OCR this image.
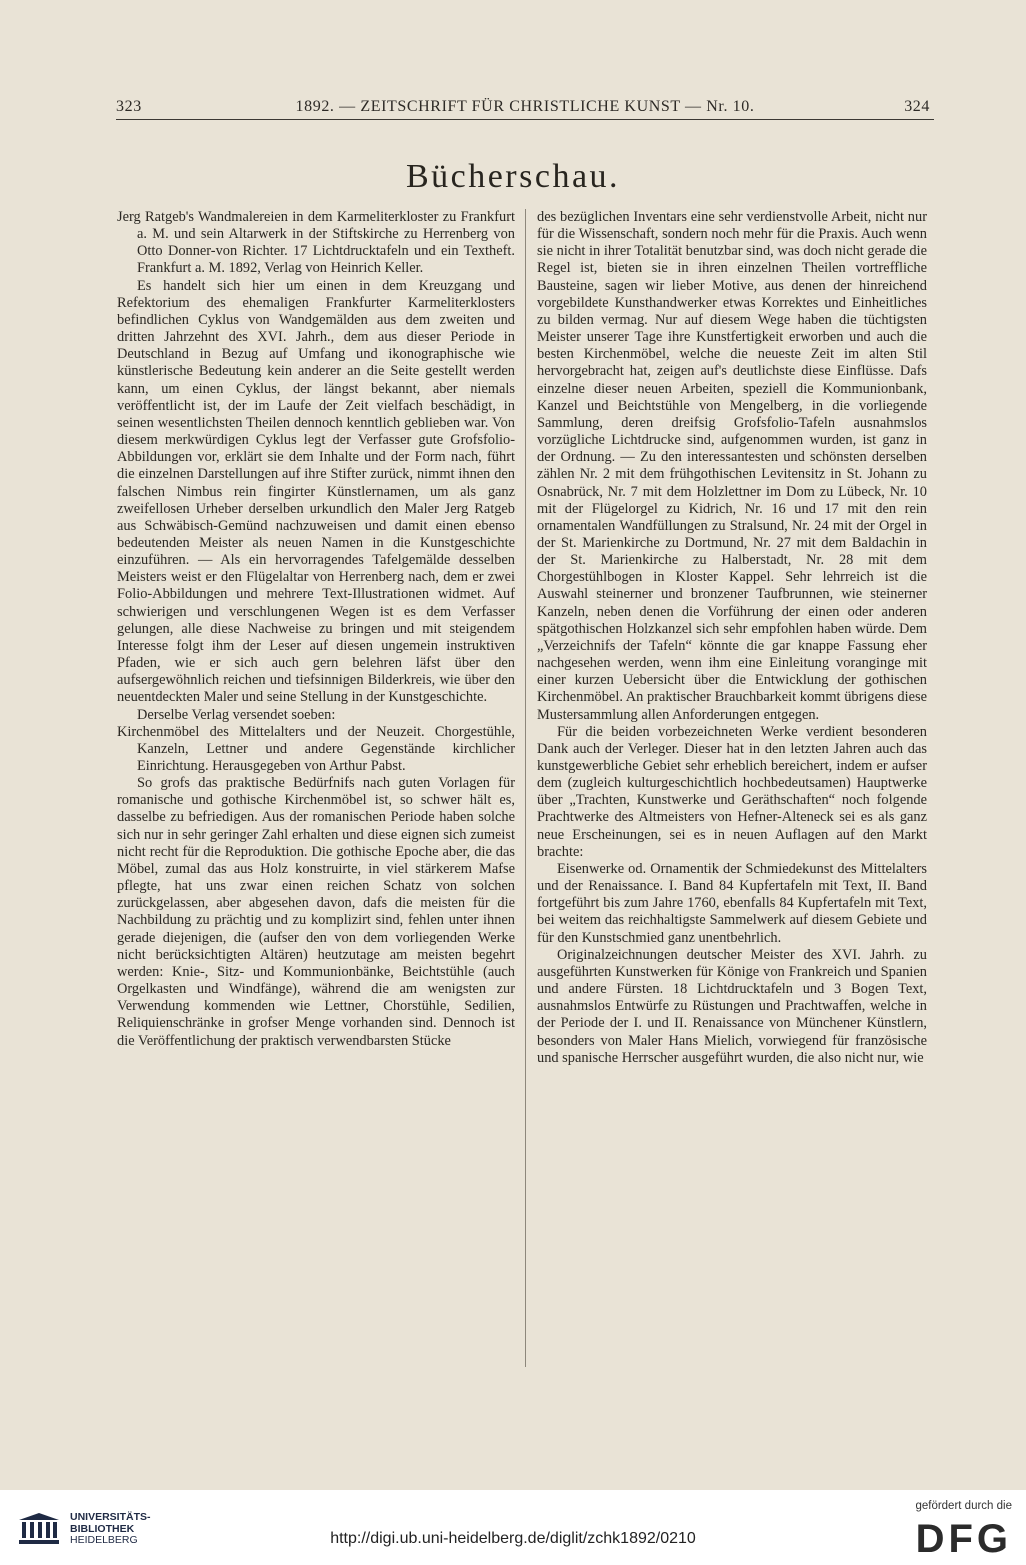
323	1892. — ZEITSCHRIFT FÜR CHRISTLICHE KUNST — Nr. 10.	324
Bücherschau.

Jerg Ratgeb's Wandmalereien in dem Karmeliterkloster zu Frankfurt a. M. und sein Altarwerk in der Stiftskirche zu Herrenberg von Otto Donner-von Richter. 17 Lichtdrucktafeln und ein Textheft. Frankfurt a. M. 1892, Verlag von Heinrich Keller.

Es handelt sich hier um einen in dem Kreuzgang und Refektorium des ehemaligen Frankfurter Karmeliterklosters befindlichen Cyklus von Wandgemälden aus dem zweiten und dritten Jahrzehnt des XVI. Jahrh., dem aus dieser Periode in Deutschland in Bezug auf Umfang und ikonographische wie künstlerische Bedeutung kein anderer an die Seite gestellt werden kann, um einen Cyklus, der längst bekannt, aber niemals veröffentlicht ist, der im Laufe der Zeit vielfach beschädigt, in seinen wesentlichsten Theilen dennoch kenntlich geblieben war. Von diesem merkwürdigen Cyklus legt der Verfasser gute Grofsfolio-Abbildungen vor, erklärt sie dem Inhalte und der Form nach, führt die einzelnen Darstellungen auf ihre Stifter zurück, nimmt ihnen den falschen Nimbus rein fingirter Künstlernamen, um als ganz zweifellosen Urheber derselben urkundlich den Maler Jerg Ratgeb aus Schwäbisch-Gemünd nachzuweisen und damit einen ebenso bedeutenden Meister als neuen Namen in die Kunstgeschichte einzuführen. — Als ein hervorragendes Tafelgemälde desselben Meisters weist er den Flügelaltar von Herrenberg nach, dem er zwei Folio-Abbildungen und mehrere Text-Illustrationen widmet. Auf schwierigen und verschlungenen Wegen ist es dem Verfasser gelungen, alle diese Nachweise zu bringen und mit steigendem Interesse folgt ihm der Leser auf diesen ungemein instruktiven Pfaden, wie er sich auch gern belehren läfst über den aufsergewöhnlich reichen und tiefsinnigen Bilderkreis, wie über den neuentdeckten Maler und seine Stellung in der Kunstgeschichte.

Derselbe Verlag versendet soeben:

Kirchenmöbel des Mittelalters und der Neuzeit. Chorgestühle, Kanzeln, Lettner und andere Gegenstände kirchlicher Einrichtung. Herausgegeben von Arthur Pabst.

So grofs das praktische Bedürfnifs nach guten Vorlagen für romanische und gothische Kirchenmöbel ist, so schwer hält es, dasselbe zu befriedigen. Aus der romanischen Periode haben solche sich nur in sehr geringer Zahl erhalten und diese eignen sich zumeist nicht recht für die Reproduktion. Die gothische Epoche aber, die das Möbel, zumal das aus Holz konstruirte, in viel stärkerem Mafse pflegte, hat uns zwar einen reichen Schatz von solchen zurückgelassen, aber abgesehen davon, dafs die meisten für die Nachbildung zu prächtig und zu komplizirt sind, fehlen unter ihnen gerade diejenigen, die (aufser den von dem vorliegenden Werke nicht berücksichtigten Altären) heutzutage am meisten begehrt werden: Knie-, Sitz- und Kommunionbänke, Beichtstühle (auch Orgelkasten und Windfänge), während die am wenigsten zur Verwendung kommenden wie Lettner, Chorstühle, Sedilien, Reliquienschränke in grofser Menge vorhanden sind. Dennoch ist die Veröffentlichung der praktisch verwendbarsten Stücke

des bezüglichen Inventars eine sehr verdienstvolle Arbeit, nicht nur für die Wissenschaft, sondern noch mehr für die Praxis. Auch wenn sie nicht in ihrer Totalität benutzbar sind, was doch nicht gerade die Regel ist, bieten sie in ihren einzelnen Theilen vortreffliche Bausteine, sagen wir lieber Motive, aus denen der hinreichend vorgebildete Kunsthandwerker etwas Korrektes und Einheitliches zu bilden vermag. Nur auf diesem Wege haben die tüchtigsten Meister unserer Tage ihre Kunstfertigkeit erworben und auch die besten Kirchenmöbel, welche die neueste Zeit im alten Stil hervorgebracht hat, zeigen auf's deutlichste diese Einflüsse. Dafs einzelne dieser neuen Arbeiten, speziell die Kommunionbank, Kanzel und Beichtstühle von Mengelberg, in die vorliegende Sammlung, deren dreifsig Grofsfolio-Tafeln ausnahmslos vorzügliche Lichtdrucke sind, aufgenommen wurden, ist ganz in der Ordnung. — Zu den interessantesten und schönsten derselben zählen Nr. 2 mit dem frühgothischen Levitensitz in St. Johann zu Osnabrück, Nr. 7 mit dem Holzlettner im Dom zu Lübeck, Nr. 10 mit der Flügelorgel zu Kidrich, Nr. 16 und 17 mit den rein ornamentalen Wandfüllungen zu Stralsund, Nr. 24 mit der Orgel in der St. Marienkirche zu Dortmund, Nr. 27 mit dem Baldachin in der St. Marienkirche zu Halberstadt, Nr. 28 mit dem Chorgestühlbogen in Kloster Kappel. Sehr lehrreich ist die Auswahl steinerner und bronzener Taufbrunnen, wie steinerner Kanzeln, neben denen die Vorführung der einen oder anderen spätgothischen Holzkanzel sich sehr empfohlen haben würde. Dem „Verzeichnifs der Tafeln“ könnte die gar knappe Fassung eher nachgesehen werden, wenn ihm eine Einleitung voranginge mit einer kurzen Uebersicht über die Entwicklung der gothischen Kirchenmöbel. An praktischer Brauchbarkeit kommt übrigens diese Mustersammlung allen Anforderungen entgegen.

Für die beiden vorbezeichneten Werke verdient besonderen Dank auch der Verleger. Dieser hat in den letzten Jahren auch das kunstgewerbliche Gebiet sehr erheblich bereichert, indem er aufser dem (zugleich kulturgeschichtlich hochbedeutsamen) Hauptwerke über „Trachten, Kunstwerke und Geräthschaften“ noch folgende Prachtwerke des Altmeisters von Hefner-Alteneck sei es als ganz neue Erscheinungen, sei es in neuen Auflagen auf den Markt brachte:

Eisenwerke od. Ornamentik der Schmiedekunst des Mittelalters und der Renaissance. I. Band 84 Kupfertafeln mit Text, II. Band fortgeführt bis zum Jahre 1760, ebenfalls 84 Kupfertafeln mit Text, bei weitem das reichhaltigste Sammelwerk auf diesem Gebiete und für den Kunstschmied ganz unentbehrlich.

Originalzeichnungen deutscher Meister des XVI. Jahrh. zu ausgeführten Kunstwerken für Könige von Frankreich und Spanien und andere Fürsten. 18 Lichtdrucktafeln und 3 Bogen Text, ausnahmslos Entwürfe zu Rüstungen und Prachtwaffen, welche in der Periode der I. und II. Renaissance von Münchener Künstlern, besonders von Maler Hans Mielich, vorwiegend für französische und spanische Herrscher ausgeführt wurden, die also nicht nur, wie

UNIVERSITÄTS-
BIBLIOTHEK
HEIDELBERG	http://digi.ub.uni-heidelberg.de/diglit/zchk1892/0210
gefördert durch die
DFG
